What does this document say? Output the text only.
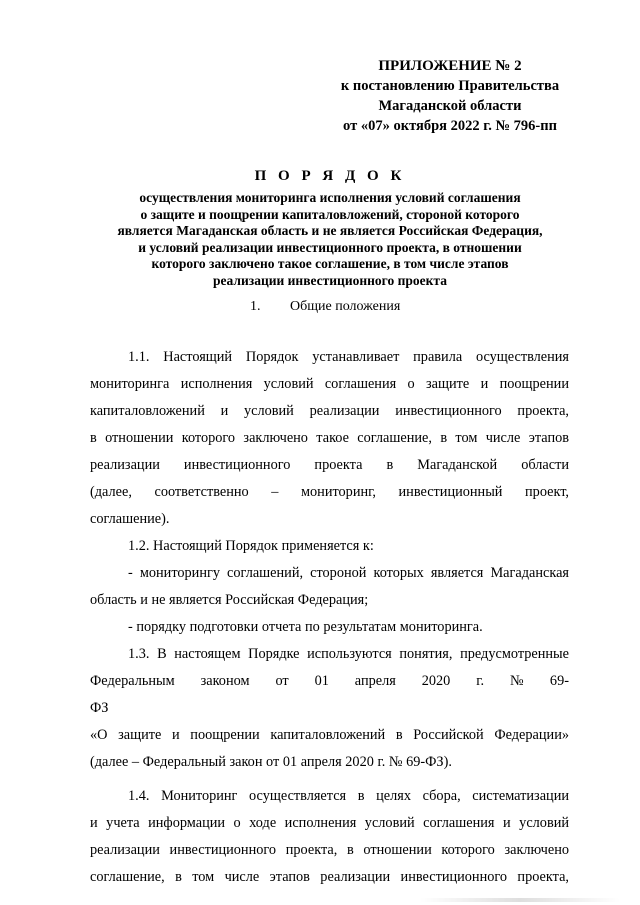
ПРИЛОЖЕНИЕ № 2
к постановлению Правительства
Магаданской области
от «07» октября 2022 г. № 796-пп
П О Р Я Д О К
осуществления мониторинга исполнения условий соглашения
о защите и поощрении капиталовложений, стороной которого
является Магаданская область и не является Российская Федерация,
и условий реализации инвестиционного проекта, в отношении
которого заключено такое соглашение, в том числе этапов
реализации инвестиционного проекта
1. Общие положения
1.1. Настоящий Порядок устанавливает правила осуществления
мониторинга исполнения условий соглашения о защите и поощрении
капиталовложений и условий реализации инвестиционного проекта,
в отношении которого заключено такое соглашение, в том числе этапов
реализации инвестиционного проекта в Магаданской области
(далее, соответственно – мониторинг, инвестиционный проект,
соглашение).
1.2. Настоящий Порядок применяется к:
- мониторингу соглашений, стороной которых является Магаданская
область и не является Российская Федерация;
- порядку подготовки отчета по результатам мониторинга.
1.3. В настоящем Порядке используются понятия, предусмотренные
Федеральным законом от 01 апреля 2020 г. № 69-ФЗ
«О защите и поощрении капиталовложений в Российской Федерации»
(далее – Федеральный закон от 01 апреля 2020 г. № 69-ФЗ).
1.4. Мониторинг осуществляется в целях сбора, систематизации
и учета информации о ходе исполнения условий соглашения и условий
реализации инвестиционного проекта, в отношении которого заключено
соглашение, в том числе этапов реализации инвестиционного проекта,
